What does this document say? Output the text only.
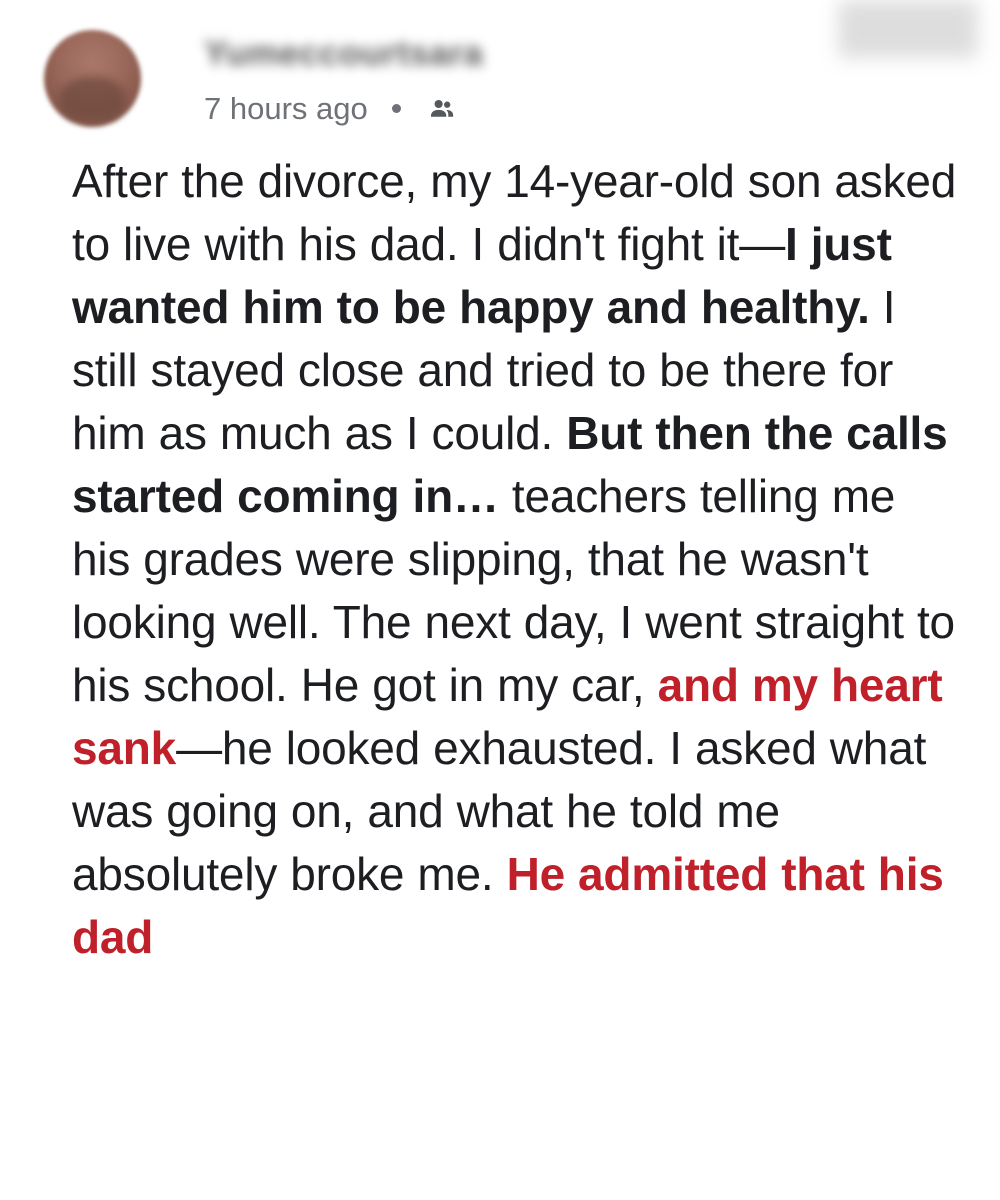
Yumeccourtsara
7 hours ago

After the divorce, my 14-year-old son asked to live with his dad. I didn't fight it—I just wanted him to be happy and healthy. I still stayed close and tried to be there for him as much as I could. But then the calls started coming in… teachers telling me his grades were slipping, that he wasn't looking well. The next day, I went straight to his school. He got in my car, and my heart sank—he looked exhausted. I asked what was going on, and what he told me absolutely broke me. He admitted that his dad
